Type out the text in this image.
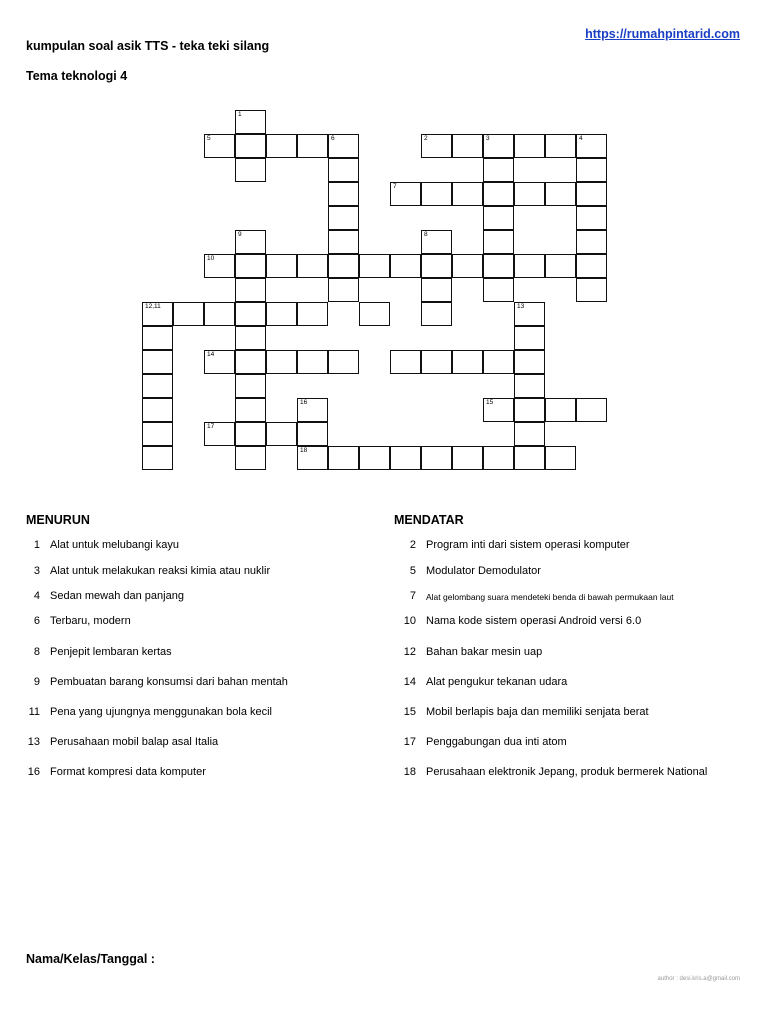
kumpulan soal asik TTS - teka teki silang
https://rumahpintarid.com
Tema teknologi 4
1
9
5	6	2	3	4
7
8
10
12,11	13
14
15
16
18
17
MENURUN	MENDATAR
1 Alat untuk melubangi kayu
3 Alat untuk melakukan reaksi kimia atau nuklir
4 Sedan mewah dan panjang
6 Terbaru, modern
8 Penjepit lembaran kertas
9 Pembuatan barang konsumsi dari bahan mentah
11 Pena yang ujungnya menggunakan bola kecil
13 Perusahaan mobil balap asal Italia
16 Format kompresi data komputer
2 Program inti dari sistem operasi komputer
5 Modulator Demodulator
7 Alat gelombang suara mendeteki benda di bawah permukaan laut
10 Nama kode sistem operasi Android versi 6.0
12 Bahan bakar mesin uap
14 Alat pengukur tekanan udara
15 Mobil berlapis baja dan memiliki senjata berat
17 Penggabungan dua inti atom
18 Perusahaan elektronik Jepang, produk bermerek National
Nama/Kelas/Tanggal :
author : desi.kris.a@gmail.com
